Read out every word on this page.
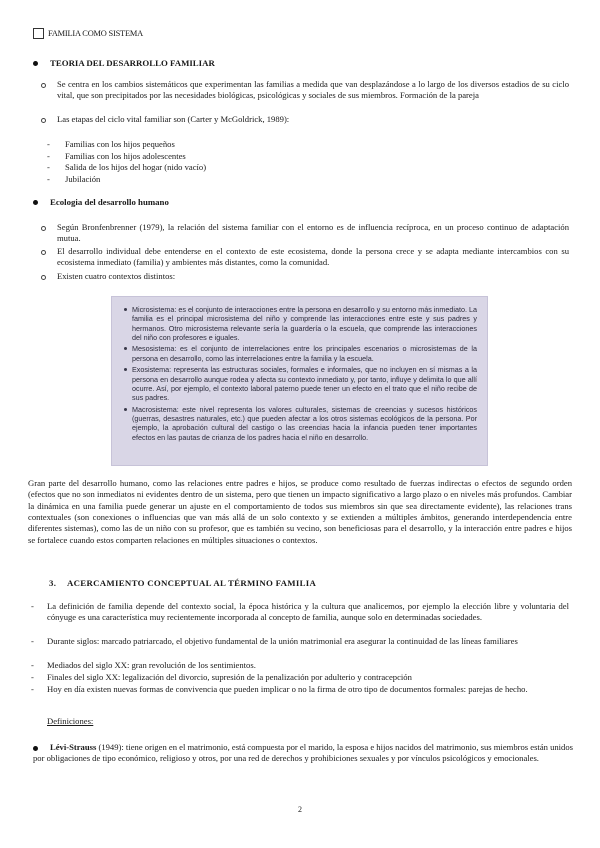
FAMILIA COMO SISTEMA
TEORIA DEL DESARROLLO FAMILIAR
Se centra en los cambios sistemáticos que experimentan las familias a medida que van desplazándose a lo largo de los diversos estadios de su ciclo vital, que son precipitados por las necesidades biológicas, psicológicas y sociales de sus miembros. Formación de la pareja
Las etapas del ciclo vital familiar son (Carter y McGoldrick, 1989):
- Familias con los hijos pequeños
- Familias con los hijos adolescentes
- Salida de los hijos del hogar (nido vacío)
- Jubilación
Ecologia del desarrollo humano
Según Bronfenbrenner (1979), la relación del sistema familiar con el entorno es de influencia recíproca, en un proceso continuo de adaptación mutua.
El desarrollo individual debe entenderse en el contexto de este ecosistema, donde la persona crece y se adapta mediante intercambios con su ecosistema inmediato (familia) y ambientes más distantes, como la comunidad.
Existen cuatro contextos distintos:
Microsistema: es el conjunto de interacciones entre la persona en desarrollo y su entorno más inmediato. La familia es el principal microsistema del niño y comprende las interacciones entre este y sus padres y hermanos. Otro microsistema relevante sería la guardería o la escuela, que comprende las interacciones del niño con profesores e iguales.
Mesosistema: es el conjunto de interrelaciones entre los principales escenarios o microsistemas de la persona en desarrollo, como las interrelaciones entre la familia y la escuela.
Exosistema: representa las estructuras sociales, formales e informales, que no incluyen en sí mismas a la persona en desarrollo aunque rodea y afecta su contexto inmediato y, por tanto, influye y delimita lo que allí ocurre. Así, por ejemplo, el contexto laboral paterno puede tener un efecto en el trato que el niño recibe de sus padres.
Macrosistema: este nivel representa los valores culturales, sistemas de creencias y sucesos históricos (guerras, desastres naturales, etc.) que pueden afectar a los otros sistemas ecológicos de la persona. Por ejemplo, la aprobación cultural del castigo o las creencias hacia la infancia pueden tener importantes efectos en las pautas de crianza de los padres hacia el niño en desarrollo.
Gran parte del desarrollo humano, como las relaciones entre padres e hijos, se produce como resultado de fuerzas indirectas o efectos de segundo orden (efectos que no son inmediatos ni evidentes dentro de un sistema, pero que tienen un impacto significativo a largo plazo o en niveles más profundos. Cambiar la dinámica en una familia puede generar un ajuste en el comportamiento de todos sus miembros sin que sea directamente evidente), las relaciones trans contextuales (son conexiones o influencias que van más allá de un solo contexto y se extienden a múltiples ámbitos, generando interdependencia entre diferentes sistemas), como las de un niño con su profesor, que es también su vecino, son beneficiosas para el desarrollo, y la interacción entre padres e hijos se fortalece cuando estos comparten relaciones en múltiples situaciones o contextos.
3. ACERCAMIENTO CONCEPTUAL AL TÉRMINO FAMILIA
- La definición de familia depende del contexto social, la época histórica y la cultura que analicemos, por ejemplo la elección libre y voluntaria del cónyuge es una característica muy recientemente incorporada al concepto de familia, aunque solo en determinadas sociedades.
- Durante siglos: marcado patriarcado, el objetivo fundamental de la unión matrimonial era asegurar la continuidad de las líneas familiares
- Mediados del siglo XX: gran revolución de los sentimientos.
- Finales del siglo XX: legalización del divorcio, supresión de la penalización por adulterio y contracepción
- Hoy en día existen nuevas formas de convivencia que pueden implicar o no la firma de otro tipo de documentos formales: parejas de hecho.
Definiciones:
Lévi-Strauss (1949): tiene origen en el matrimonio, está compuesta por el marido, la esposa e hijos nacidos del matrimonio, sus miembros están unidos por obligaciones de tipo económico, religioso y otros, por una red de derechos y prohibiciones sexuales y por vínculos psicológicos y emocionales.
2
